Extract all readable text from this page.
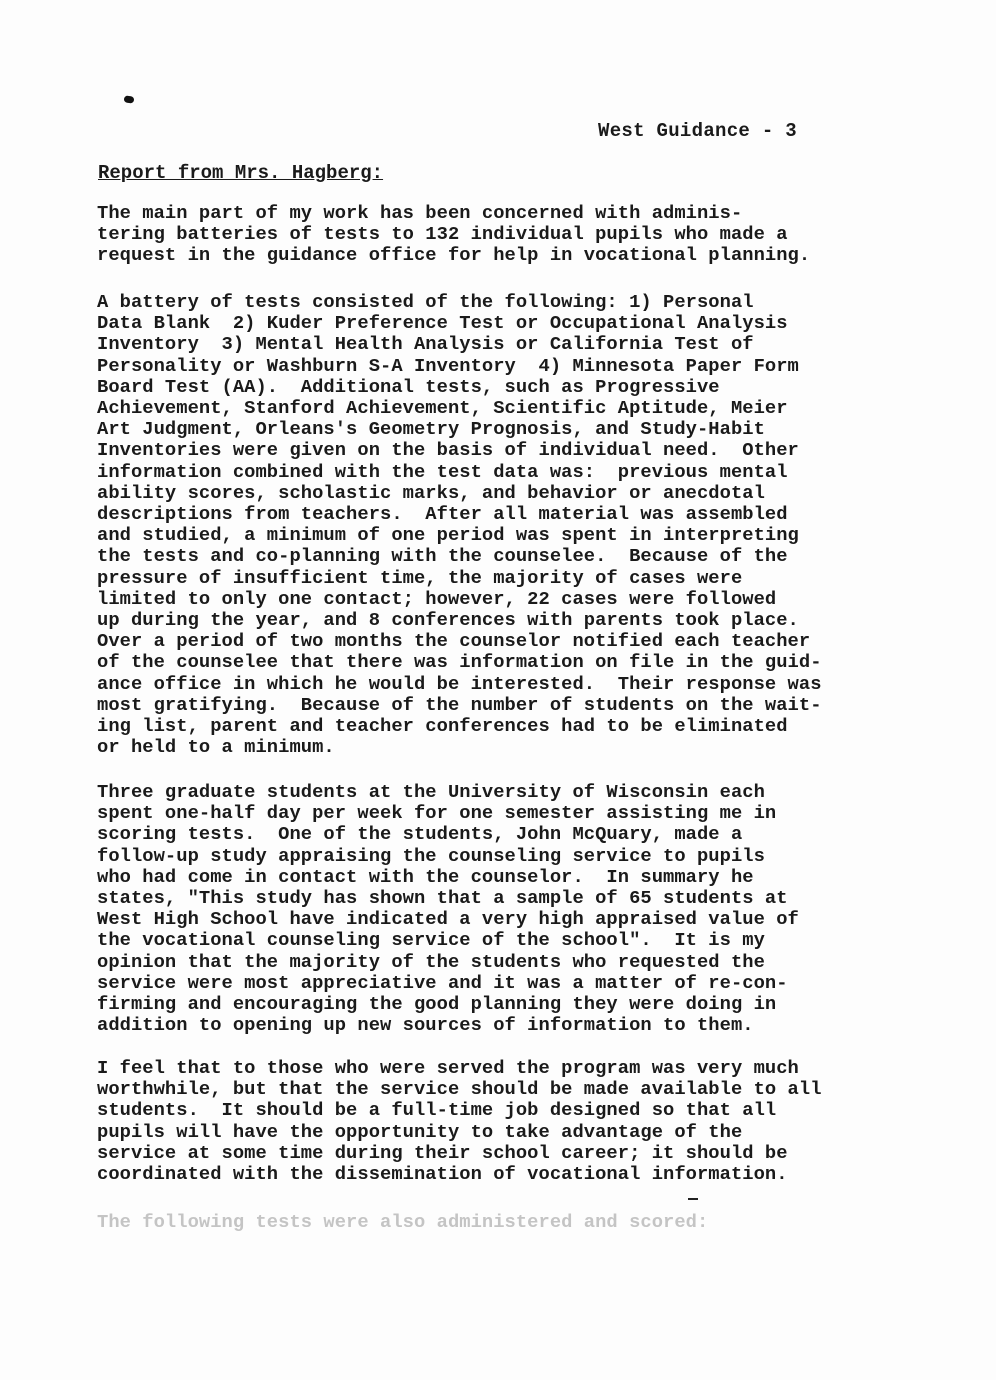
West Guidance - 3
Report from Mrs. Hagberg:
The main part of my work has been concerned with adminis-
tering batteries of tests to 132 individual pupils who made a
request in the guidance office for help in vocational planning.
A battery of tests consisted of the following: 1) Personal
Data Blank  2) Kuder Preference Test or Occupational Analysis
Inventory  3) Mental Health Analysis or California Test of
Personality or Washburn S-A Inventory  4) Minnesota Paper Form
Board Test (AA).  Additional tests, such as Progressive
Achievement, Stanford Achievement, Scientific Aptitude, Meier
Art Judgment, Orleans's Geometry Prognosis, and Study-Habit
Inventories were given on the basis of individual need.  Other
information combined with the test data was:  previous mental
ability scores, scholastic marks, and behavior or anecdotal
descriptions from teachers.  After all material was assembled
and studied, a minimum of one period was spent in interpreting
the tests and co-planning with the counselee.  Because of the
pressure of insufficient time, the majority of cases were
limited to only one contact; however, 22 cases were followed
up during the year, and 8 conferences with parents took place.
Over a period of two months the counselor notified each teacher
of the counselee that there was information on file in the guid-
ance office in which he would be interested.  Their response was
most gratifying.  Because of the number of students on the wait-
ing list, parent and teacher conferences had to be eliminated
or held to a minimum.
Three graduate students at the University of Wisconsin each
spent one-half day per week for one semester assisting me in
scoring tests.  One of the students, John McQuary, made a
follow-up study appraising the counseling service to pupils
who had come in contact with the counselor.  In summary he
states, "This study has shown that a sample of 65 students at
West High School have indicated a very high appraised value of
the vocational counseling service of the school".  It is my
opinion that the majority of the students who requested the
service were most appreciative and it was a matter of re-con-
firming and encouraging the good planning they were doing in
addition to opening up new sources of information to them.
I feel that to those who were served the program was very much
worthwhile, but that the service should be made available to all
students.  It should be a full-time job designed so that all
pupils will have the opportunity to take advantage of the
service at some time during their school career; it should be
coordinated with the dissemination of vocational information.
The following tests were also administered and scored:
